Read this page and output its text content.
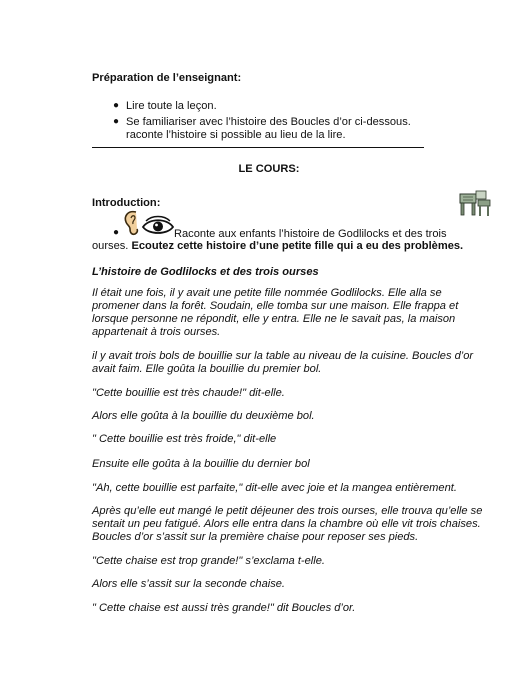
Préparation de l’enseignant:
● Lire toute la leçon.
● Se familiariser avec l’histoire des Boucles d’or ci-dessous.
raconte l’histoire si possible au lieu de la lire.
LE COURS:
Introduction:
●	Raconte aux enfants l’histoire de Godlilocks et des trois
ourses. Ecoutez cette histoire d’une petite fille qui a eu des problèmes.
L’histoire de Godlilocks et des trois ourses
Il était une fois, il y avait une petite fille nommée Godlilocks. Elle alla se
promener dans la forêt. Soudain, elle tomba sur une maison. Elle frappa et
lorsque personne ne répondit, elle y entra. Elle ne le savait pas, la maison
appartenait à trois ourses.
il y avait trois bols de bouillie sur la table au niveau de la cuisine. Boucles d’or
avait faim. Elle goûta la bouillie du premier bol.
"Cette bouillie est très chaude!" dit-elle.
Alors elle goûta à la bouillie du deuxième bol.
" Cette bouillie est très froide," dit-elle
Ensuite elle goûta à la bouillie du dernier bol
"Ah, cette bouillie est parfaite," dit-elle avec joie et la mangea entièrement.
Après qu’elle eut mangé le petit déjeuner des trois ourses, elle trouva qu’elle se
sentait un peu fatigué. Alors elle entra dans la chambre où elle vit trois chaises.
Boucles d’or s’assit sur la première chaise pour reposer ses pieds.
"Cette chaise est trop grande!" s’exclama t-elle.
Alors elle s’assit sur la seconde chaise.
" Cette chaise est aussi très grande!" dit Boucles d’or.
